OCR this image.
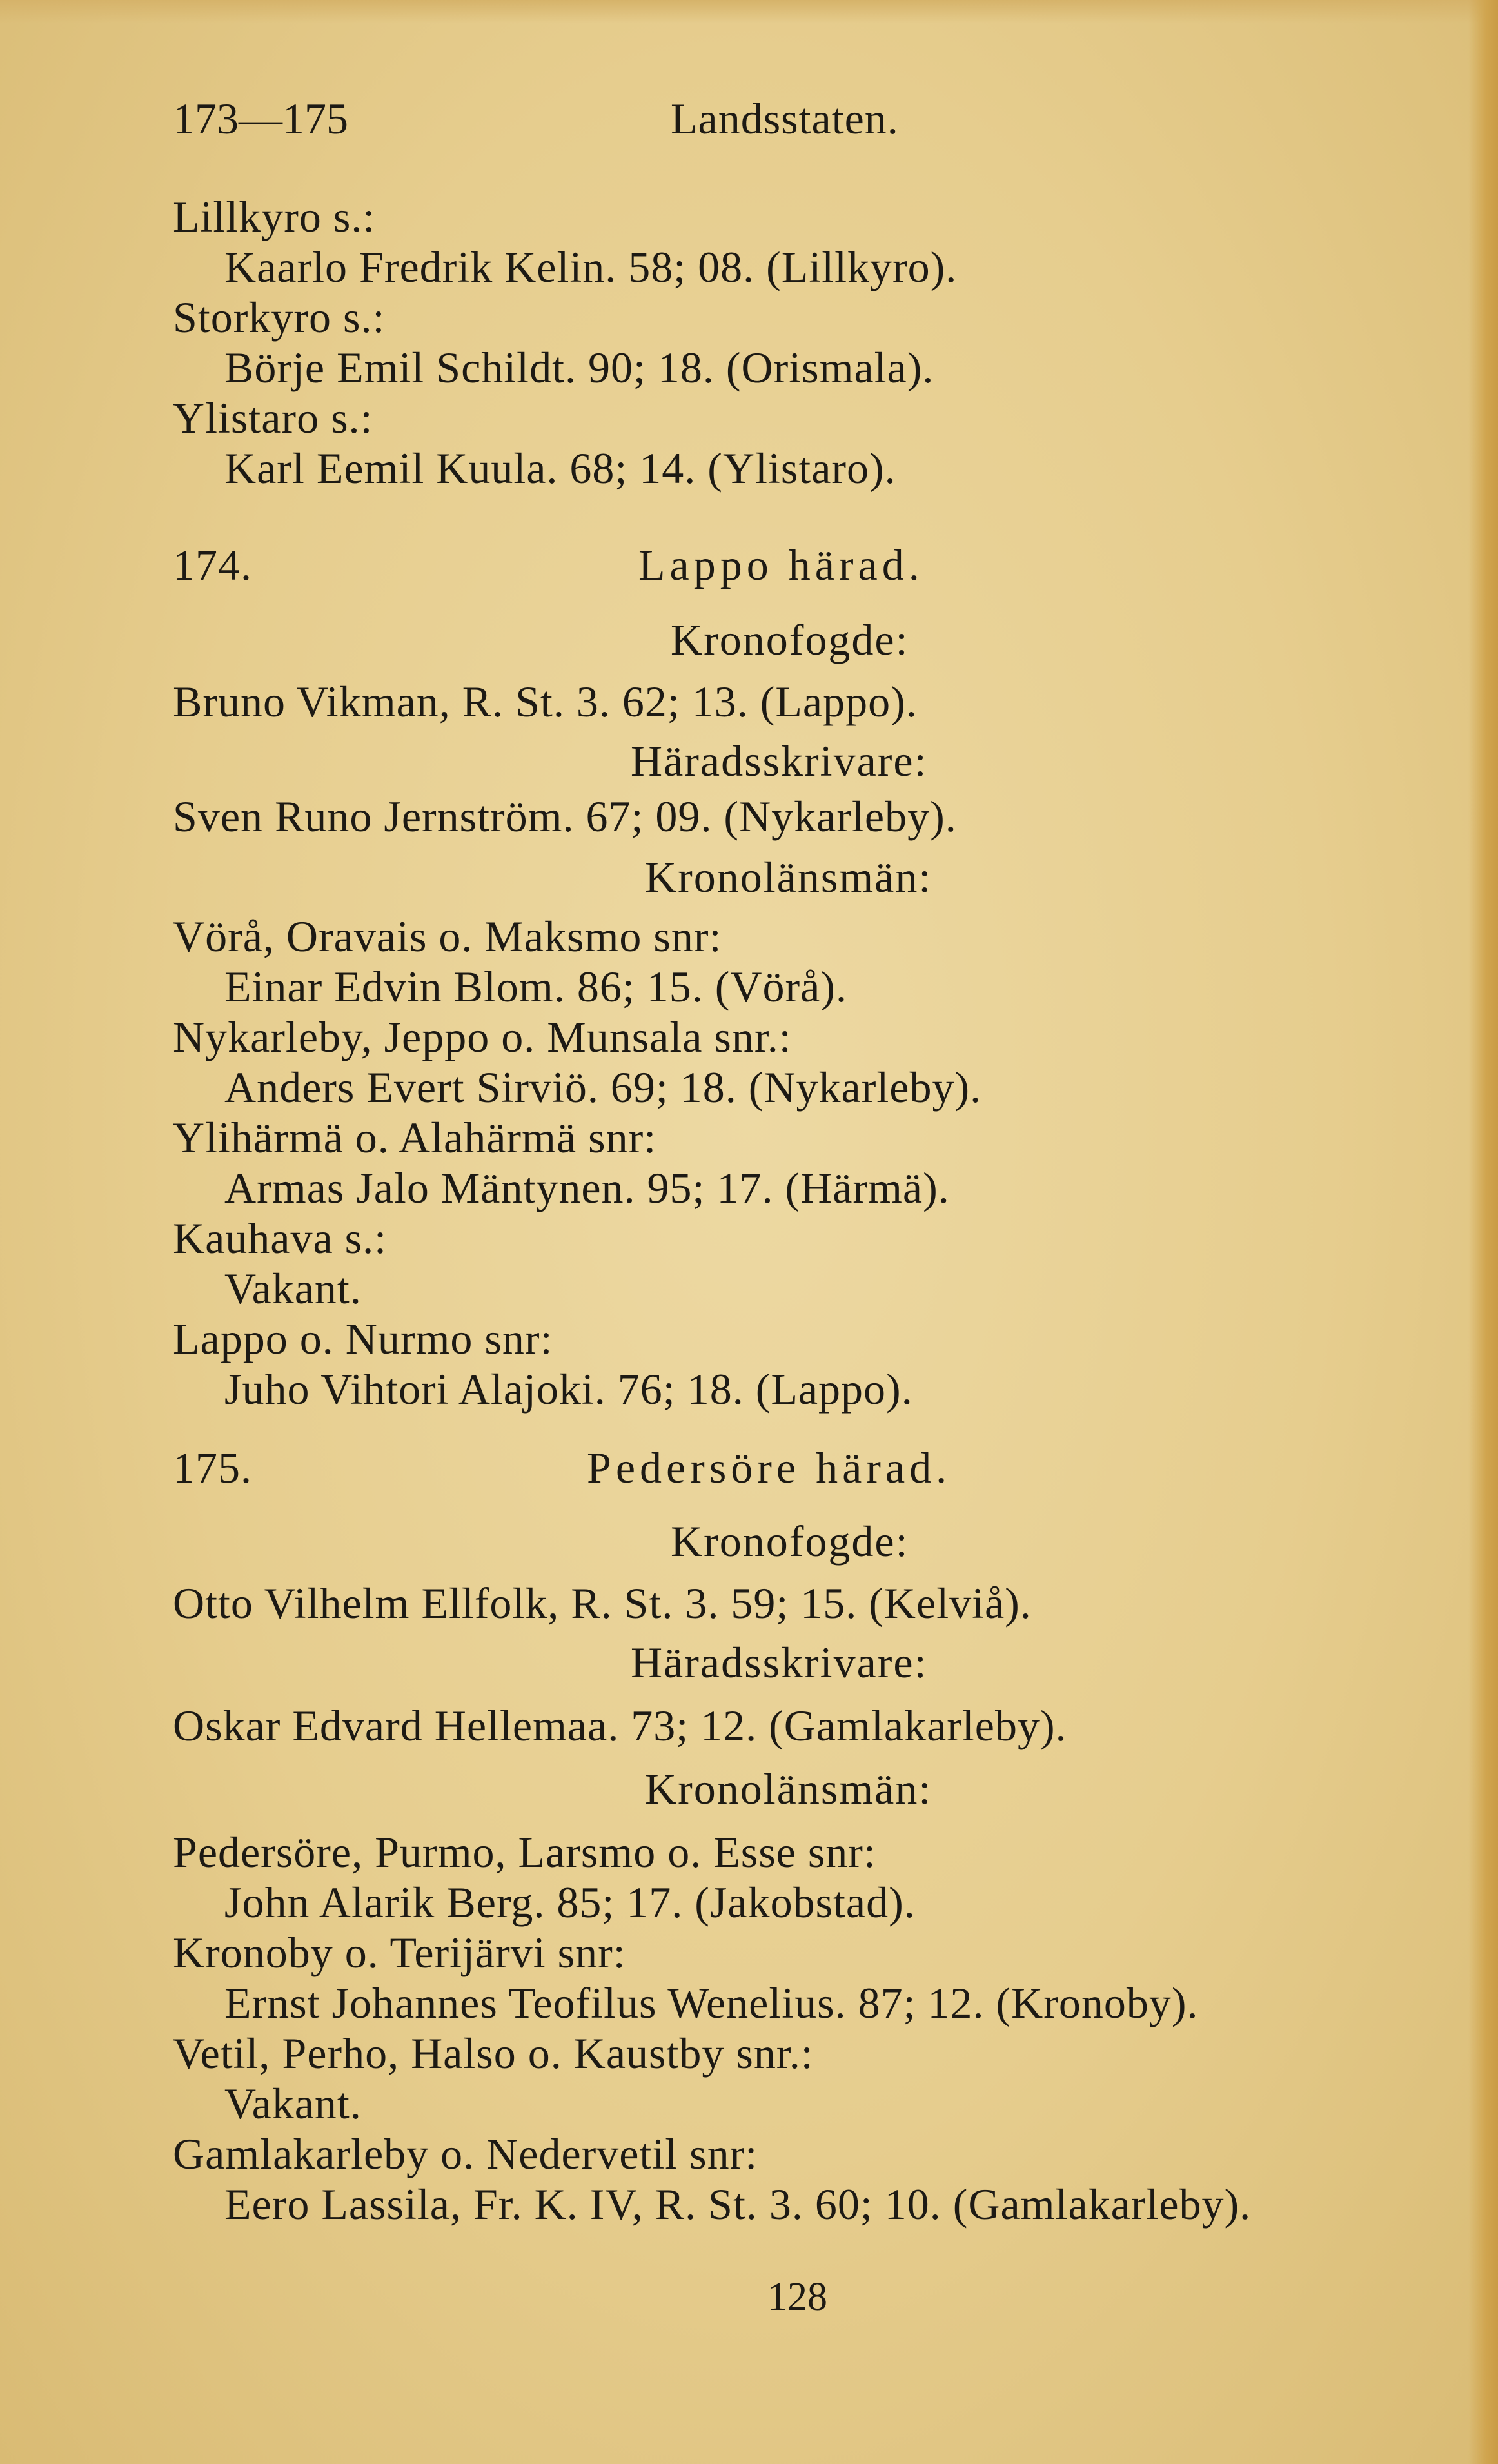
173—175	Landsstaten.

Lillkyro s.:

Kaarlo Fredrik Kelin. 58; 08. (Lillkyro).

Storkyro s.:

Börje Emil Schildt. 90; 18. (Orismala).

Ylistaro s.:

Karl Eemil Kuula. 68; 14. (Ylistaro).

174.	Lappo härad.

Kronofogde:

Bruno Vikman, R. St. 3. 62; 13. (Lappo).

Häradsskrivare:

Sven Runo Jernström. 67; 09. (Nykarleby).

Kronolänsmän:

Vörå, Oravais o. Maksmo snr:

Einar Edvin Blom. 86; 15. (Vörå).

Nykarleby, Jeppo o. Munsala snr.:

Anders Evert Sirviö. 69; 18. (Nykarleby).

Ylihärmä o. Alahärmä snr:

Armas Jalo Mäntynen. 95; 17. (Härmä).

Kauhava s.:

Vakant.

Lappo o. Nurmo snr:

Juho Vihtori Alajoki. 76; 18. (Lappo).

175.	Pedersöre härad.

Kronofogde:

Otto Vilhelm Ellfolk, R. St. 3. 59; 15. (Kelviå).

Häradsskrivare:

Oskar Edvard Hellemaa. 73; 12. (Gamlakarleby).

Kronolänsmän:

Pedersöre, Purmo, Larsmo o. Esse snr:

John Alarik Berg. 85; 17. (Jakobstad).

Kronoby o. Terijärvi snr:

Ernst Johannes Teofilus Wenelius. 87; 12. (Kronoby).

Vetil, Perho, Halso o. Kaustby snr.:

Vakant.

Gamlakarleby o. Nedervetil snr:

Eero Lassila, Fr. K. IV, R. St. 3. 60; 10. (Gamlakarleby).

128
